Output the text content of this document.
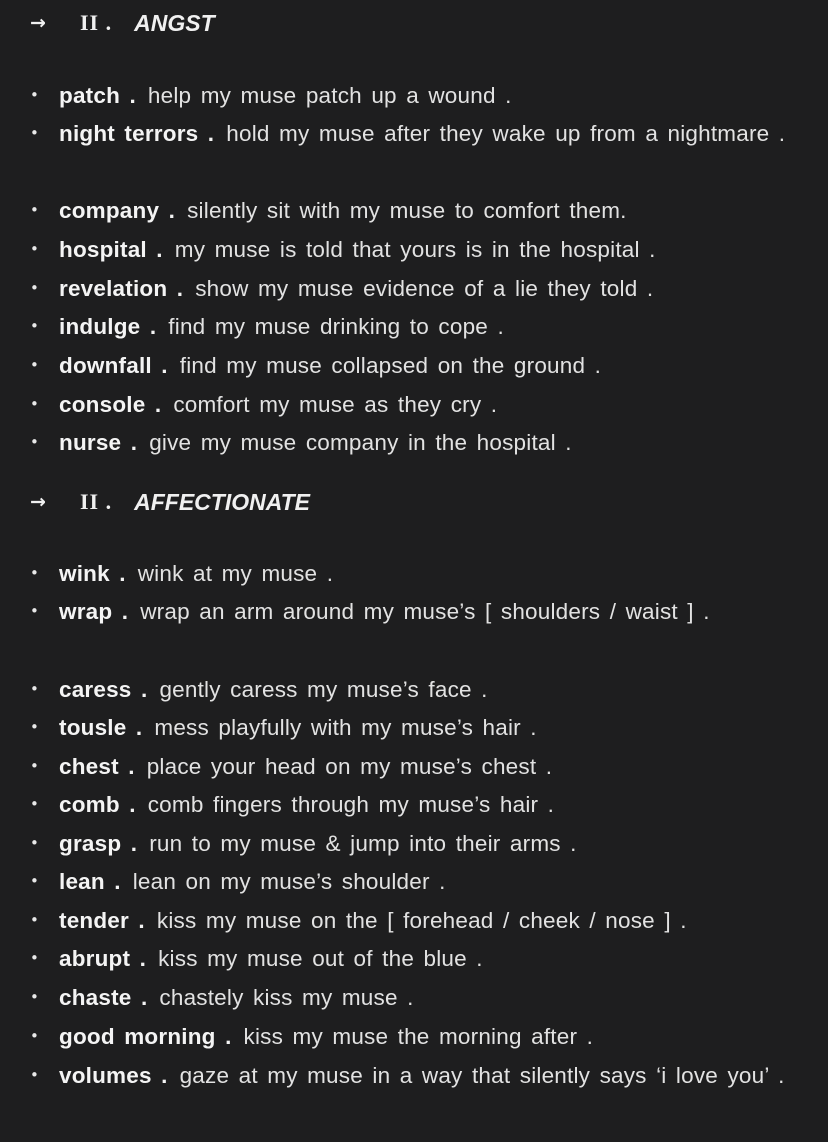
→	II . ANGST
• patch . help my muse patch up a wound .
• night terrors . hold my muse after they wake up from a nightmare .
• company . silently sit with my muse to comfort them.
• hospital . my muse is told that yours is in the hospital .
• revelation . show my muse evidence of a lie they told .
• indulge . find my muse drinking to cope .
• downfall . find my muse collapsed on the ground .
• console . comfort my muse as they cry .
• nurse . give my muse company in the hospital .
→	II . AFFECTIONATE
• wink . wink at my muse .
• wrap . wrap an arm around my muse’s [ shoulders / waist ] .
• caress . gently caress my muse’s face .
• tousle . mess playfully with my muse’s hair .
• chest . place your head on my muse’s chest .
• comb . comb fingers through my muse’s hair .
• grasp . run to my muse & jump into their arms .
• lean . lean on my muse’s shoulder .
• tender . kiss my muse on the [ forehead / cheek / nose ] .
• abrupt . kiss my muse out of the blue .
• chaste . chastely kiss my muse .
• good morning . kiss my muse the morning after .
• volumes . gaze at my muse in a way that silently says ‘i love you’ .
